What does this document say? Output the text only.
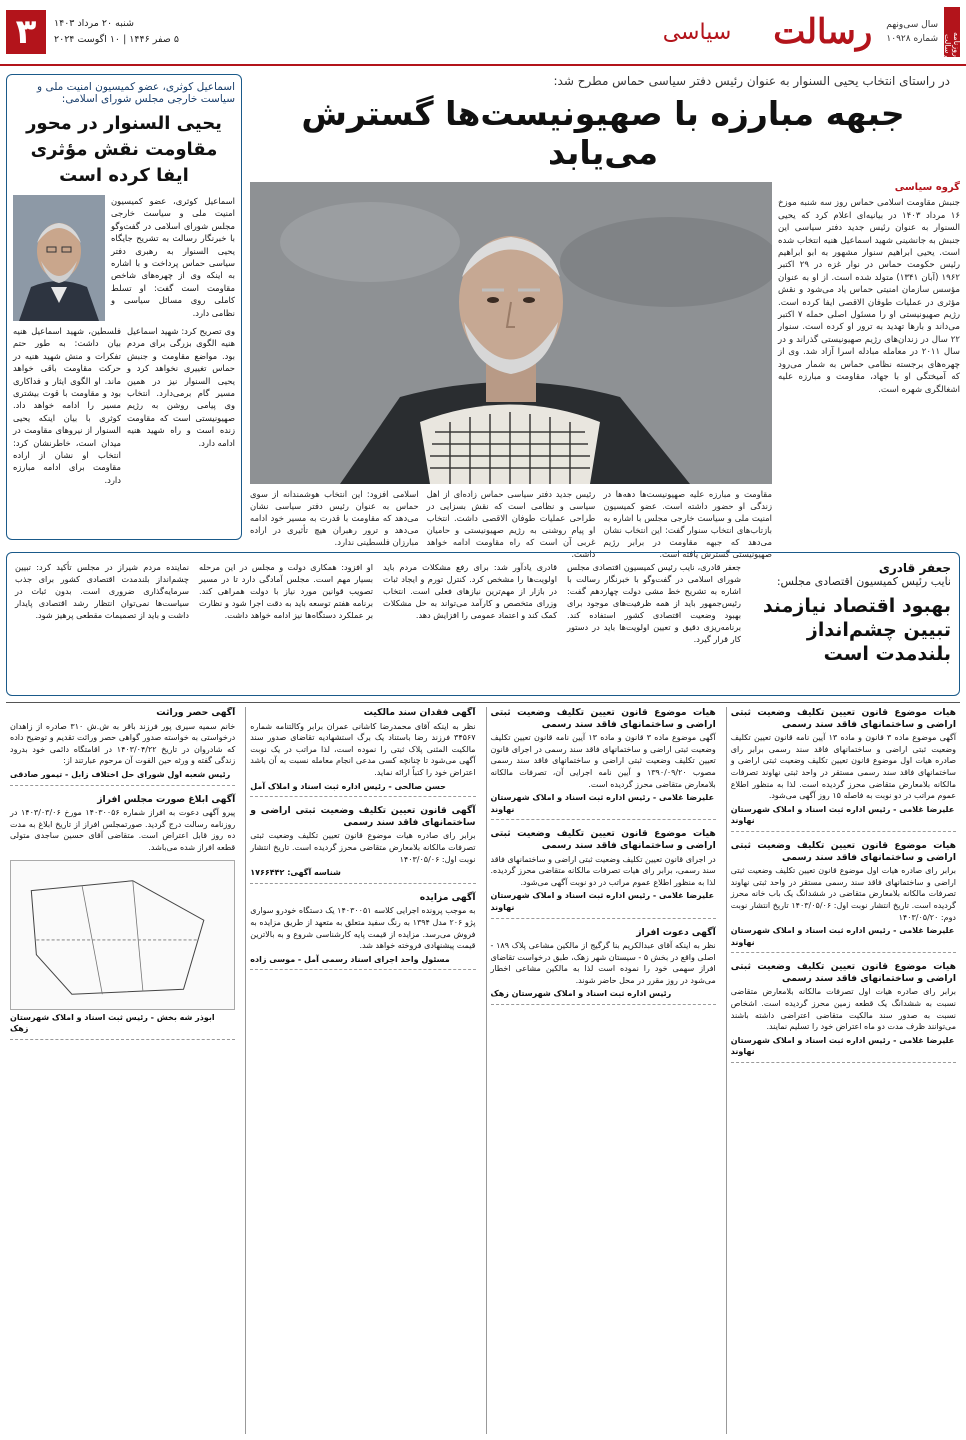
روزنامه رسالت
سال سی‌و‌نهم
شماره ۱۰۹۲۸
رسالت
سیاسی
شنبه ۲۰ مرداد ۱۴۰۳
۵ صفر ۱۴۴۶ | ۱۰ اگوست ۲۰۲۴
۳
در راستای انتخاب یحیی السنوار به عنوان رئیس دفتر سیاسی حماس مطرح شد:
جبهه مبارزه با صهیونیست‌ها گسترش می‌یابد
گروه سیاسی

جنبش مقاومت اسلامی حماس روز سه شنبه موزخ ۱۶ مرداد ۱۴۰۳ در بیانیه‌ای اعلام کرد که یحیی السنوار به عنوان رئیس جدید دفتر سیاسی این جنبش به جانشینی شهید اسماعیل هنیه انتخاب شده است. یحیی ابراهیم سنوار مشهور به ابو ابراهیم رئیس حکومت حماس در نوار غزه در ۲۹ اکتبر ۱۹۶۲ (آبان ۱۳۴۱) متولد شده است. از او به عنوان مؤسس سازمان امنیتی حماس یاد می‌شود و نقش مؤثری در عملیات طوفان الاقصی ایفا کرده است. رژیم صهیونیستی او را مسئول اصلی حمله ۷ اکتبر می‌داند و بارها تهدید به ترور او کرده است. سنوار ۲۲ سال در زندان‌های رژیم صهیونیستی گذراند و در سال ۲۰۱۱ در معامله مبادله اسرا آزاد شد. وی از چهره‌های برجسته نظامی حماس به شمار می‌رود که آمیختگی او با جهاد، مقاومت و مبارزه علیه اشغالگری شهره است.

مقاومت و مبارزه علیه صهیونیست‌ها دهه‌ها در زندگی او حضور داشته است. عضو کمیسیون امنیت ملی و سیاست خارجی مجلس با اشاره به بازتاب‌های انتخاب سنوار گفت: این انتخاب نشان می‌دهد که جبهه مقاومت در برابر رژیم صهیونیستی گسترش یافته است.

رئیس جدید دفتر سیاسی حماس زاده‌ای از اهل سیاسی و نظامی است که نقش بسزایی در طراحی عملیات طوفان الاقصی داشت. انتخاب او پیام روشنی به رژیم صهیونیستی و حامیان غربی آن است که راه مقاومت ادامه خواهد داشت.

اسلامی افزود: این انتخاب هوشمندانه از سوی حماس به عنوان رئیس دفتر سیاسی نشان می‌دهد که مقاومت با قدرت به مسیر خود ادامه می‌دهد و ترور رهبران هیچ تأثیری در اراده مبارزان فلسطینی ندارد.

اسماعیل کوثری، عضو کمیسیون امنیت ملی و سیاست خارجی مجلس شورای اسلامی:
یحیی السنوار در محور مقاومت نقش مؤثری ایفا کرده است

اسماعیل کوثری، عضو کمیسیون امنیت ملی و سیاست خارجی مجلس شورای اسلامی در گفت‌وگو با خبرنگار رسالت به تشریح جایگاه یحیی السنوار به رهبری دفتر سیاسی حماس پرداخت و با اشاره به اینکه وی از چهره‌های شاخص مقاومت است گفت: او تسلط کاملی روی مسائل سیاسی و نظامی دارد.

وی تصریح کرد: شهید اسماعیل هنیه الگوی بزرگی برای مردم بود. مواضع مقاومت و جنبش حماس تغییری نخواهد کرد و یحیی السنوار نیز در همین مسیر گام برمی‌دارد. انتخاب وی پیامی روشن به رژیم صهیونیستی است که مقاومت زنده است و راه شهید هنیه ادامه دارد.

فلسطین، شهید اسماعیل هنیه بیان داشت: به طور حتم تفکرات و منش شهید هنیه در حرکت مقاومت باقی خواهد ماند. او الگوی ایثار و فداکاری بود و مقاومت با قوت بیشتری مسیر را ادامه خواهد داد. کوثری با بیان اینکه یحیی السنوار از نیروهای مقاومت در میدان است، خاطرنشان کرد: انتخاب او نشان از اراده مقاومت برای ادامه مبارزه دارد.

جعفر قادری
نایب رئیس کمیسیون اقتصادی مجلس:
بهبود اقتصاد نیازمند تبیین چشم‌انداز بلندمدت است

جعفر قادری، نایب رئیس کمیسیون اقتصادی مجلس شورای اسلامی در گفت‌وگو با خبرنگار رسالت با اشاره به تشریح خط مشی دولت چهاردهم گفت: رئیس‌جمهور باید از همه ظرفیت‌های موجود برای بهبود وضعیت اقتصادی کشور استفاده کند. برنامه‌ریزی دقیق و تعیین اولویت‌ها باید در دستور کار قرار گیرد.

قادری یادآور شد: برای رفع مشکلات مردم باید اولویت‌ها را مشخص کرد. کنترل تورم و ایجاد ثبات در بازار از مهم‌ترین نیازهای فعلی است. انتخاب وزرای متخصص و کارآمد می‌تواند به حل مشکلات کمک کند و اعتماد عمومی را افزایش دهد.

او افزود: همکاری دولت و مجلس در این مرحله بسیار مهم است. مجلس آمادگی دارد تا در مسیر تصویب قوانین مورد نیاز با دولت همراهی کند. برنامه هفتم توسعه باید به دقت اجرا شود و نظارت بر عملکرد دستگاه‌ها نیز ادامه خواهد داشت.

نماینده مردم شیراز در مجلس تأکید کرد: تبیین چشم‌انداز بلندمدت اقتصادی کشور برای جذب سرمایه‌گذاری ضروری است. بدون ثبات در سیاست‌ها نمی‌توان انتظار رشد اقتصادی پایدار داشت و باید از تصمیمات مقطعی پرهیز شود.

هیات موضوع قانون تعیین تکلیف وضعیت ثبتی اراضی و ساختمانهای فاقد سند رسمی

آگهی موضوع ماده ۳ قانون و ماده ۱۳ آیین نامه قانون تعیین تکلیف وضعیت ثبتی اراضی و ساختمانهای فاقد سند رسمی برابر رای صادره هیات اول موضوع قانون تعیین تکلیف وضعیت ثبتی اراضی و ساختمانهای فاقد سند رسمی مستقر در واحد ثبتی نهاوند تصرفات مالکانه بلامعارض متقاضی محرز گردیده است. لذا به منظور اطلاع عموم مراتب در دو نوبت به فاصله ۱۵ روز آگهی می‌شود.

علیرضا غلامی - رئیس اداره ثبت اسناد و املاک شهرستان نهاوند
هیات موضوع قانون تعیین تکلیف وضعیت ثبتی اراضی و ساختمانهای فاقد سند رسمی

برابر رای صادره هیات اول موضوع قانون تعیین تکلیف وضعیت ثبتی اراضی و ساختمانهای فاقد سند رسمی مستقر در واحد ثبتی نهاوند تصرفات مالکانه بلامعارض متقاضی در ششدانگ یک باب خانه محرز گردیده است. تاریخ انتشار نوبت اول: ۱۴۰۳/۰۵/۰۶ تاریخ انتشار نوبت دوم: ۱۴۰۳/۰۵/۲۰

علیرضا غلامی - رئیس اداره ثبت اسناد و املاک شهرستان نهاوند
هیات موضوع قانون تعیین تکلیف وضعیت ثبتی اراضی و ساختمانهای فاقد سند رسمی

برابر رای صادره هیات اول تصرفات مالکانه بلامعارض متقاضی نسبت به ششدانگ یک قطعه زمین محرز گردیده است. اشخاص نسبت به صدور سند مالکیت متقاضی اعتراضی داشته باشند می‌توانند ظرف مدت دو ماه اعتراض خود را تسلیم نمایند.

علیرضا غلامی - رئیس اداره ثبت اسناد و املاک شهرستان نهاوند
هیات موضوع قانون تعیین تکلیف وضعیت ثبتی اراضی و ساختمانهای فاقد سند رسمی

آگهی موضوع ماده ۳ قانون و ماده ۱۳ آیین نامه قانون تعیین تکلیف وضعیت ثبتی اراضی و ساختمانهای فاقد سند رسمی در اجرای قانون تعیین تکلیف وضعیت ثبتی اراضی و ساختمانهای فاقد سند رسمی مصوب ۱۳۹۰/۰۹/۲۰ و آیین نامه اجرایی آن، تصرفات مالکانه بلامعارض متقاضی محرز گردیده است.

علیرضا غلامی - رئیس اداره ثبت اسناد و املاک شهرستان نهاوند
هیات موضوع قانون تعیین تکلیف وضعیت ثبتی اراضی و ساختمانهای فاقد سند رسمی

در اجرای قانون تعیین تکلیف وضعیت ثبتی اراضی و ساختمانهای فاقد سند رسمی، برابر رای هیات تصرفات مالکانه متقاضی محرز گردیده. لذا به منظور اطلاع عموم مراتب در دو نوبت آگهی می‌شود.

علیرضا غلامی - رئیس اداره ثبت اسناد و املاک شهرستان نهاوند
آگهی دعوت افراز

نظر به اینکه آقای عبدالکریم بنا گرگیج از مالکین مشاعی پلاک ۱۸۹ - اصلی واقع در بخش ۵ - سیستان شهر زهک، طبق درخواست تقاضای افراز سهمی خود را نموده است لذا به مالکین مشاعی اخطار می‌شود در روز مقرر در محل حاضر شوند.

رئیس اداره ثبت اسناد و املاک شهرستان زهک
آگهی فقدان سند مالکیت

نظر به اینکه آقای محمدرضا کاشانی عمران برابر وکالتنامه شماره ۳۴۵۶۷ فرزند رضا باستناد یک برگ استشهادیه تقاضای صدور سند مالکیت المثنی پلاک ثبتی را نموده است، لذا مراتب در یک نوبت آگهی می‌شود تا چنانچه کسی مدعی انجام معامله نسبت به آن باشد اعتراض خود را کتباً ارائه نماید.

حسن صالحی - رئیس اداره ثبت اسناد و املاک آمل
آگهی قانون تعیین تکلیف وضعیت ثبتی اراضی و ساختمانهای فاقد سند رسمی

برابر رای صادره هیات موضوع قانون تعیین تکلیف وضعیت ثبتی تصرفات مالکانه بلامعارض متقاضی محرز گردیده است. تاریخ انتشار نوبت اول: ۱۴۰۳/۰۵/۰۶

شناسه آگهی: ۱۷۶۶۴۴۲
آگهی مزایده

به موجب پرونده اجرایی کلاسه ۱۴۰۳۰۰۵۱ یک دستگاه خودرو سواری پژو ۲۰۶ مدل ۱۳۹۴ به رنگ سفید متعلق به متعهد از طریق مزایده به فروش می‌رسد. مزایده از قیمت پایه کارشناسی شروع و به بالاترین قیمت پیشنهادی فروخته خواهد شد.

مسئول واحد اجرای اسناد رسمی آمل - موسی زاده
آگهی حصر وراثت

خانم سمیه سیری پور فرزند باقر به ش.ش ۳۱۰ صادره از زاهدان درخواستی به خواسته صدور گواهی حصر وراثت تقدیم و توضیح داده که شادروان در تاریخ ۱۴۰۳/۰۴/۲۲ در اقامتگاه دائمی خود بدرود زندگی گفته و ورثه حین الفوت آن مرحوم عبارتند از:

رئیس شعبه اول شورای حل اختلاف زابل - تیمور صادقی
آگهی ابلاغ صورت مجلس افراز

پیرو آگهی دعوت به افراز شماره ۱۴۰۳۰۰۵۶ مورخ ۱۴۰۳/۰۳/۰۶ در روزنامه رسالت درج گردید. صورتمجلس افراز از تاریخ ابلاغ به مدت ده روز قابل اعتراض است. متقاضی آقای حسین ساجدی متولی قطعه افراز شده می‌باشد.

ابوذر شه بخش - رئیس ثبت اسناد و املاک شهرستان زهک
